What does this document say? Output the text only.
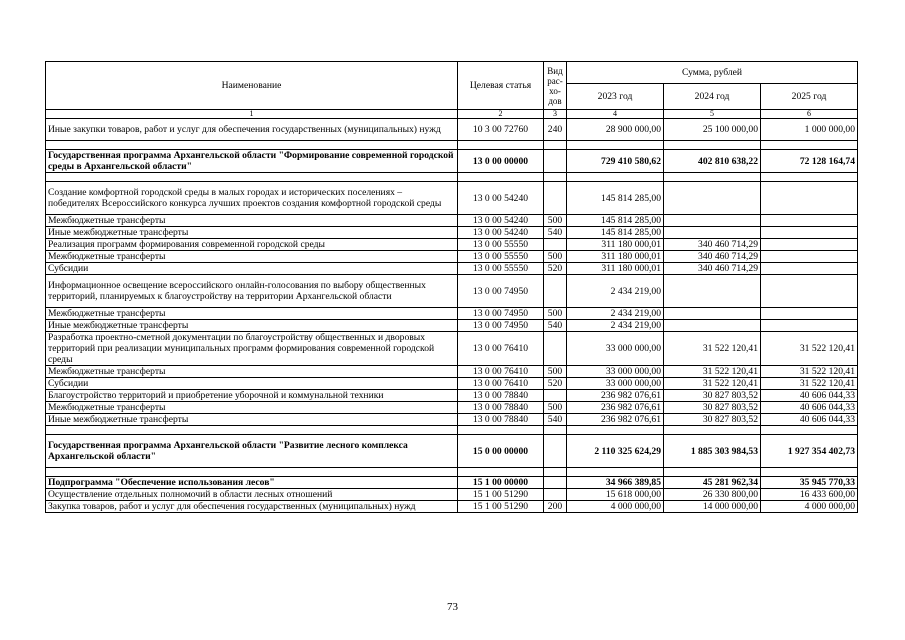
Наименование	Целевая статья	Вид рас-хо-дов	Сумма, рублей		
			2023 год	2024 год	2025 год
1	2	3	4	5	6
Иные закупки товаров, работ и услуг для обеспечения государственных (муниципальных) нужд	10 3 00 72760	240	28 900 000,00	25 100 000,00	1 000 000,00

Государственная программа Архангельской области "Формирование современной городской среды в Архангельской области"	13 0 00 00000		729 410 580,62	402 810 638,22	72 128 164,74

Создание комфортной городской среды в малых городах и исторических поселениях – победителях Всероссийского конкурса лучших проектов создания комфортной городской среды	13 0 00 54240		145 814 285,00		
Межбюджетные трансферты	13 0 00 54240	500	145 814 285,00		
Иные межбюджетные трансферты	13 0 00 54240	540	145 814 285,00		
Реализация программ формирования современной городской среды	13 0 00 55550		311 180 000,01	340 460 714,29	
Межбюджетные трансферты	13 0 00 55550	500	311 180 000,01	340 460 714,29	
Субсидии	13 0 00 55550	520	311 180 000,01	340 460 714,29	
Информационное освещение всероссийского онлайн-голосования по выбору общественных территорий, планируемых к благоустройству на территории Архангельской области	13 0 00 74950		2 434 219,00		
Межбюджетные трансферты	13 0 00 74950	500	2 434 219,00		
Иные межбюджетные трансферты	13 0 00 74950	540	2 434 219,00		
Разработка проектно-сметной документации по благоустройству общественных и дворовых территорий при реализации муниципальных программ формирования современной городской среды	13 0 00 76410		33 000 000,00	31 522 120,41	31 522 120,41
Межбюджетные трансферты	13 0 00 76410	500	33 000 000,00	31 522 120,41	31 522 120,41
Субсидии	13 0 00 76410	520	33 000 000,00	31 522 120,41	31 522 120,41
Благоустройство территорий и приобретение уборочной и коммунальной техники	13 0 00 78840		236 982 076,61	30 827 803,52	40 606 044,33
Межбюджетные трансферты	13 0 00 78840	500	236 982 076,61	30 827 803,52	40 606 044,33
Иные межбюджетные трансферты	13 0 00 78840	540	236 982 076,61	30 827 803,52	40 606 044,33

Государственная программа Архангельской области "Развитие лесного комплекса Архангельской области"	15 0 00 00000		2 110 325 624,29	1 885 303 984,53	1 927 354 402,73

Подпрограмма "Обеспечение использования лесов"	15 1 00 00000		34 966 389,85	45 281 962,34	35 945 770,33
Осуществление отдельных полномочий в области лесных отношений	15 1 00 51290		15 618 000,00	26 330 800,00	16 433 600,00
Закупка товаров, работ и услуг для обеспечения государственных (муниципальных) нужд	15 1 00 51290	200	4 000 000,00	14 000 000,00	4 000 000,00
73
